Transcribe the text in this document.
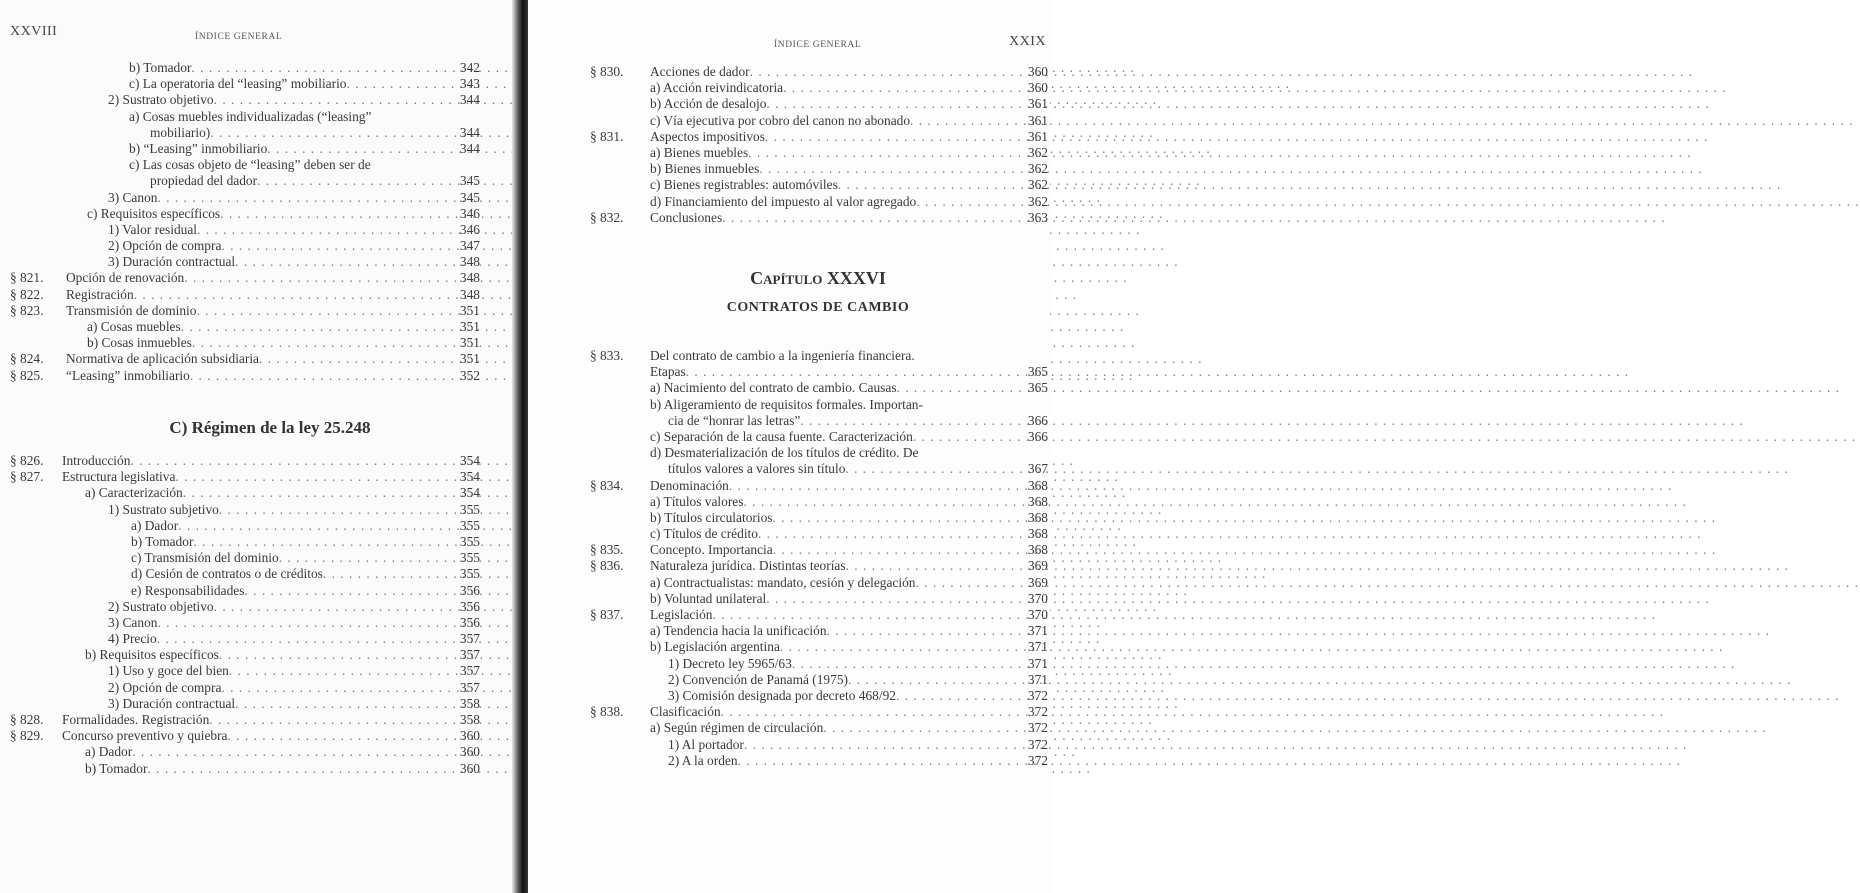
XXVIII	ÍNDICE GENERAL
b) Tomador . . .	342
c) La operatoria del “leasing” mobiliario . . .	343
2) Sustrato objetivo . . .	344
a) Cosas muebles individualizadas (“leasing”
mobiliario) . . .	344
b) “Leasing” inmobiliario . . .	344
c) Las cosas objeto de “leasing” deben ser de
propiedad del dador . . .	345
3) Canon . . .	345
c) Requisitos específicos . . .	346
1) Valor residual . . .	346
2) Opción de compra . . .	347
3) Duración contractual . . .	348
§ 821. Opción de renovación . . .	348
§ 822. Registración . . .	348
§ 823. Transmisión de dominio . . .	351
a) Cosas muebles . . .	351
b) Cosas inmuebles . . .	351
§ 824. Normativa de aplicación subsidiaria . . .	351
§ 825. “Leasing” inmobiliario . . .	352
C) Régimen de la ley 25.248
§ 826. Introducción . . .	354
§ 827. Estructura legislativa . . .	354
a) Caracterización . . .	354
1) Sustrato subjetivo . . .	355
a) Dador . . .	355
b) Tomador . . .	355
c) Transmisión del dominio . . .	355
d) Cesión de contratos o de créditos . . .	355
e) Responsabilidades . . .	356
2) Sustrato objetivo . . .	356
3) Canon . . .	356
4) Precio . . .	357
b) Requisitos específicos . . .	357
1) Uso y goce del bien . . .	357
2) Opción de compra . . .	357
3) Duración contractual . . .	358
§ 828. Formalidades. Registración . . .	358
§ 829. Concurso preventivo y quiebra . . .	360
a) Dador . . .	360
b) Tomador . . .	360
ÍNDICE GENERAL	XXIX
§ 830. Acciones de dador . . .	360
a) Acción reivindicatoria . . .	360
b) Acción de desalojo . . .	361
c) Vía ejecutiva por cobro del canon no abonado . . .	361
§ 831. Aspectos impositivos . . .	361
a) Bienes muebles . . .	362
b) Bienes inmuebles . . .	362
c) Bienes registrables: automóviles . . .	362
d) Financiamiento del impuesto al valor agregado . . .	362
§ 832. Conclusiones . . .	363
Capítulo XXXVI
CONTRATOS DE CAMBIO
§ 833. Del contrato de cambio a la ingeniería financiera.
Etapas . . .	365
a) Nacimiento del contrato de cambio. Causas . . .	365
b) Aligeramiento de requisitos formales. Importan-
cia de “honrar las letras” . . .	366
c) Separación de la causa fuente. Caracterización . . .	366
d) Desmaterialización de los títulos de crédito. De
títulos valores a valores sin título . . .	367
§ 834. Denominación . . .	368
a) Títulos valores . . .	368
b) Títulos circulatorios . . .	368
c) Títulos de crédito . . .	368
§ 835. Concepto. Importancia . . .	368
§ 836. Naturaleza jurídica. Distintas teorías . . .	369
a) Contractualistas: mandato, cesión y delegación . . .	369
b) Voluntad unilateral . . .	370
§ 837. Legislación . . .	370
a) Tendencia hacia la unificación . . .	371
b) Legislación argentina . . .	371
1) Decreto ley 5965/63 . . .	371
2) Convención de Panamá (1975) . . .	371
3) Comisión designada por decreto 468/92 . . .	372
§ 838. Clasificación . . .	372
a) Según régimen de circulación . . .	372
1) Al portador . . .	372
2) A la orden . . .	372
